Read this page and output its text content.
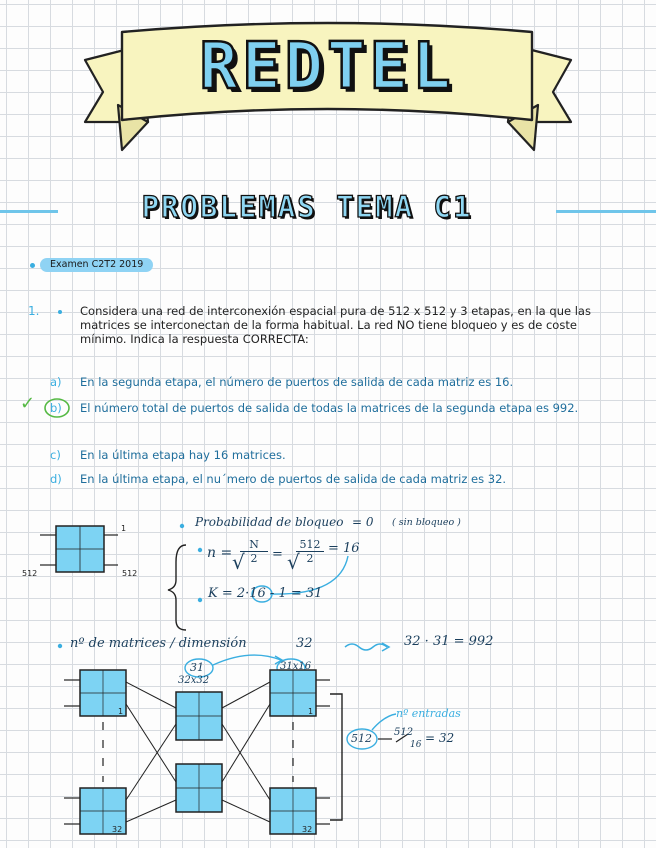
REDTEL
PROBLEMAS TEMA C1
Examen C2T2 2019
1.	Considera una red de interconexión espacial pura de 512 x 512 y 3 etapas, en la que las matrices se interconectan de la forma habitual. La red NO tiene bloqueo y es de coste mínimo. Indica la respuesta CORRECTA:
a) En la segunda etapa, el número de puertos de salida de cada matriz es 16.
✓ b) El número total de puertos de salida de todas la matrices de la segunda etapa es 992.
c) En la última etapa hay 16 matrices.
d) En la última etapa, el nu´mero de puertos de salida de cada matriz es 32.
1
512	512
Probabilidad de bloqueo = 0 ( sin bloqueo )
n = √
N
2	= √
512
2
= 16
K = 2·16 - 1 = 31
nº de matrices / dimensión	32	32 · 31 = 992
31	31x16
32x32
1	1
32	32
nº entradas
512 512
16 = 32
